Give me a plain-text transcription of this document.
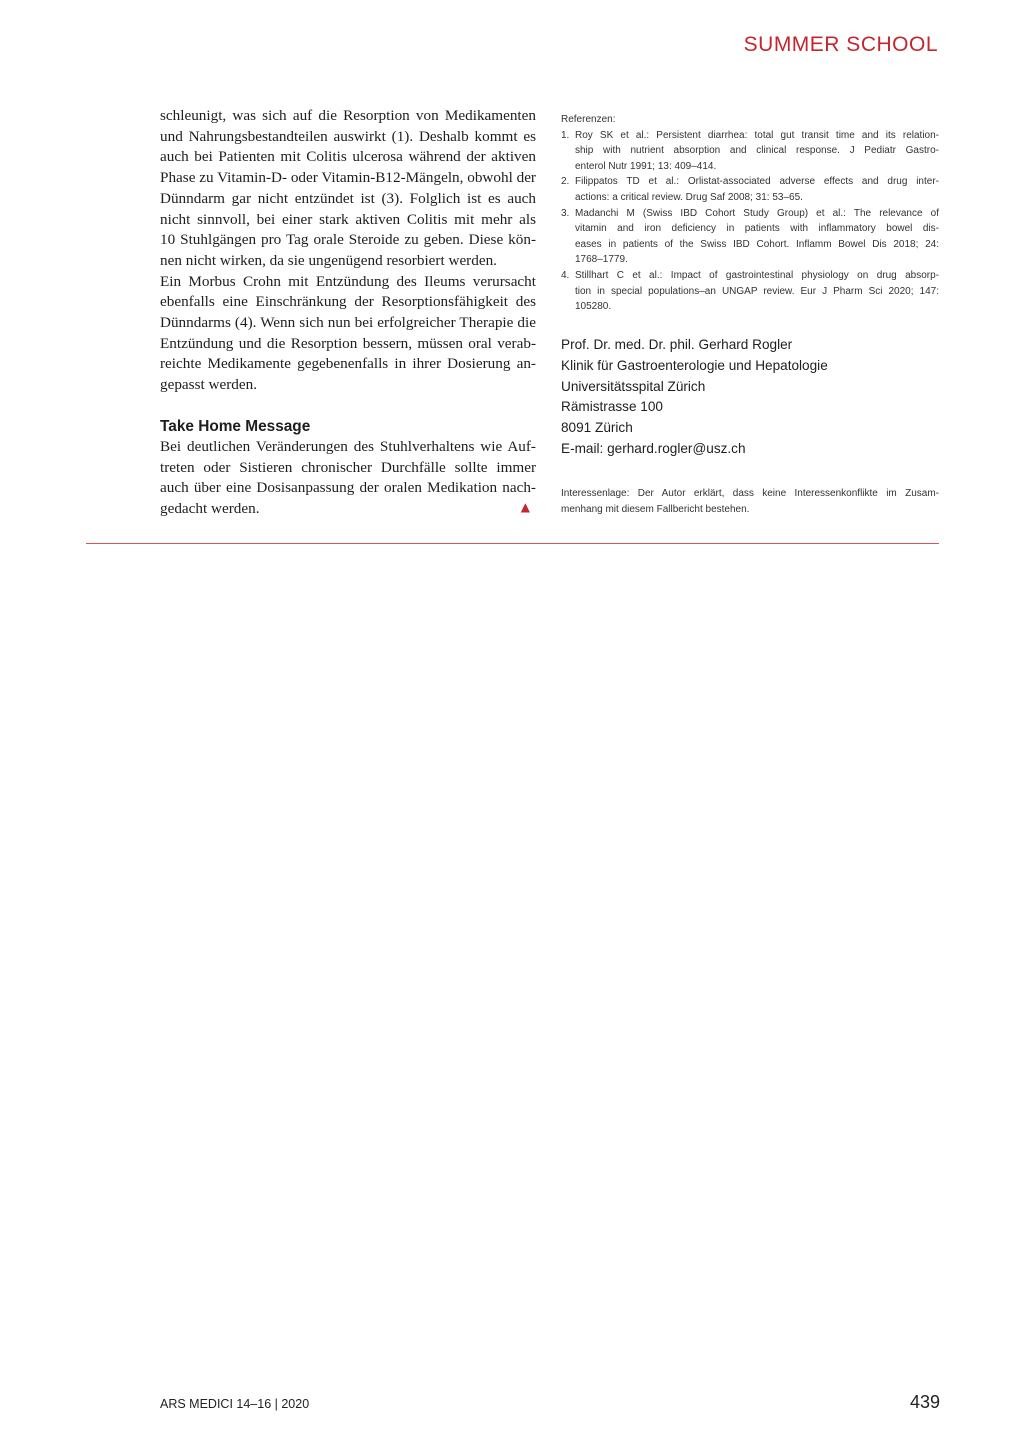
SUMMER SCHOOL
schleunigt, was sich auf die Resorption von Medikamenten
und Nahrungsbestandteilen auswirkt (1). Deshalb kommt es
auch bei Patienten mit Colitis ulcerosa während der aktiven
Phase zu Vitamin-D- oder Vitamin-B12-Mängeln, obwohl der
Dünndarm gar nicht entzündet ist (3). Folglich ist es auch
nicht sinnvoll, bei einer stark aktiven Colitis mit mehr als
10 Stuhlgängen pro Tag orale Steroide zu geben. Diese kön-
nen nicht wirken, da sie ungenügend resorbiert werden.
Ein Morbus Crohn mit Entzündung des Ileums verursacht
ebenfalls eine Einschränkung der Resorptionsfähigkeit des
Dünndarms (4). Wenn sich nun bei erfolgreicher Therapie die
Entzündung und die Resorption bessern, müssen oral verab-
reichte Medikamente gegebenenfalls in ihrer Dosierung an-
gepasst werden.
Take Home Message
Bei deutlichen Veränderungen des Stuhlverhaltens wie Auf-
treten oder Sistieren chronischer Durchfälle sollte immer
auch über eine Dosisanpassung der oralen Medikation nach-
gedacht werden.	▲
Referenzen:
1. Roy SK et al.: Persistent diarrhea: total gut transit time and its relation-
ship with nutrient absorption and clinical response. J Pediatr Gastro-
enterol Nutr 1991; 13: 409–414.
2. Filippatos TD et al.: Orlistat-associated adverse effects and drug inter-
actions: a critical review. Drug Saf 2008; 31: 53–65.
3. Madanchi M (Swiss IBD Cohort Study Group) et al.: The relevance of
vitamin and iron deficiency in patients with inflammatory bowel dis-
eases in patients of the Swiss IBD Cohort. Inflamm Bowel Dis 2018; 24:
1768–1779.
4. Stillhart C et al.: Impact of gastrointestinal physiology on drug absorp-
tion in special populations–an UNGAP review. Eur J Pharm Sci 2020; 147:
105280.
Prof. Dr. med. Dr. phil. Gerhard Rogler
Klinik für Gastroenterologie und Hepatologie
Universitätsspital Zürich
Rämistrasse 100
8091 Zürich
E-mail: gerhard.rogler@usz.ch
Interessenlage: Der Autor erklärt, dass keine Interessenkonflikte im Zusam-
menhang mit diesem Fallbericht bestehen.
ARS MEDICI 14–16 | 2020	439
